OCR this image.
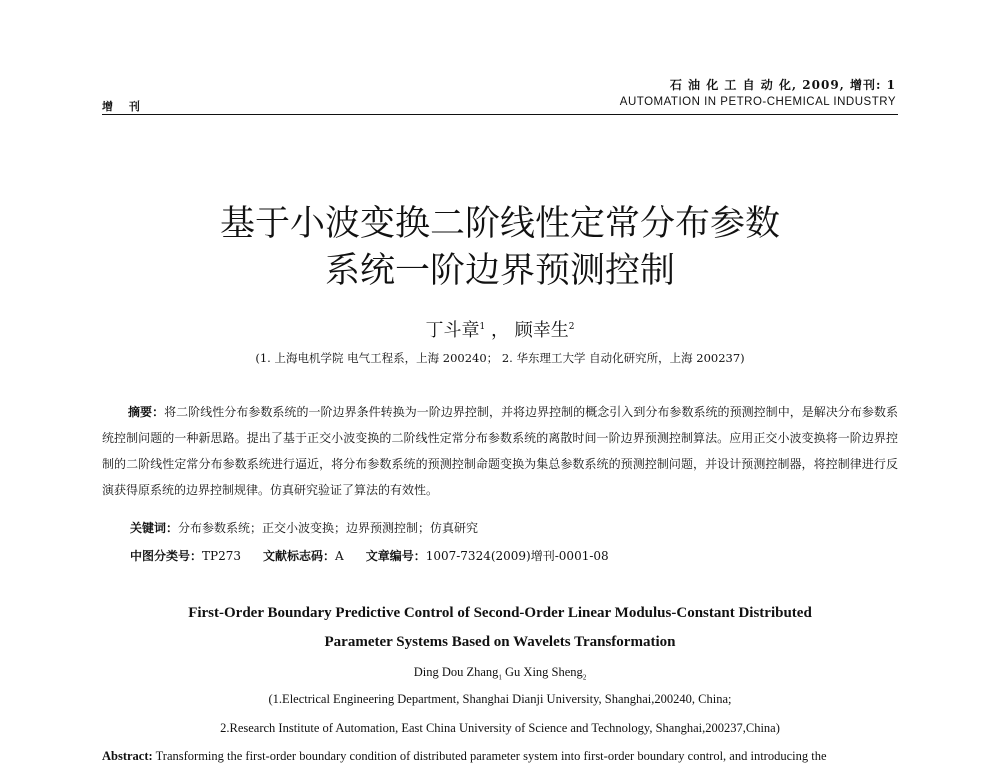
石 油 化 工 自 动 化, 2009, 增刊: 1
AUTOMATION IN PETRO-CHEMICAL INDUSTRY
增 刊
基于小波变换二阶线性定常分布参数
系统一阶边界预测控制
丁斗章$^1$ ， 顾幸生$^2$
(1. 上海电机学院 电气工程系，上海 200240； 2. 华东理工大学 自动化研究所，上海 200237)
摘要：将二阶线性分布参数系统的一阶边界条件转换为一阶边界控制，并将边界控制的概念引入到分布参数系统的预测控制中，是解决分布参数系统控制问题的一种新思路。提出了基于正交小波变换的二阶线性定常分布参数系统的离散时间一阶边界预测控制算法。应用正交小波变换将一阶边界控制的二阶线性定常分布参数系统进行逼近，将分布参数系统的预测控制命题变换为集总参数系统的预测控制问题，并设计预测控制器，将控制律进行反演获得原系统的边界控制规律。仿真研究验证了算法的有效性。
关键词：分布参数系统；正交小波变换；边界预测控制；仿真研究
中图分类号：TP273 文献标志码：A 文章编号：1007-7324(2009)增刊-0001-08
First-Order Boundary Predictive Control of Second-Order Linear Modulus-Constant Distributed
Parameter Systems Based on Wavelets Transformation
Ding Dou Zhang$_1$ Gu Xing Sheng$_2$
(1.Electrical Engineering Department, Shanghai Dianji University, Shanghai,200240, China;
2.Research Institute of Automation, East China University of Science and Technology, Shanghai,200237,China)
Abstract: Transforming the first-order boundary condition of distributed parameter system into first-order boundary control, and introducing the
